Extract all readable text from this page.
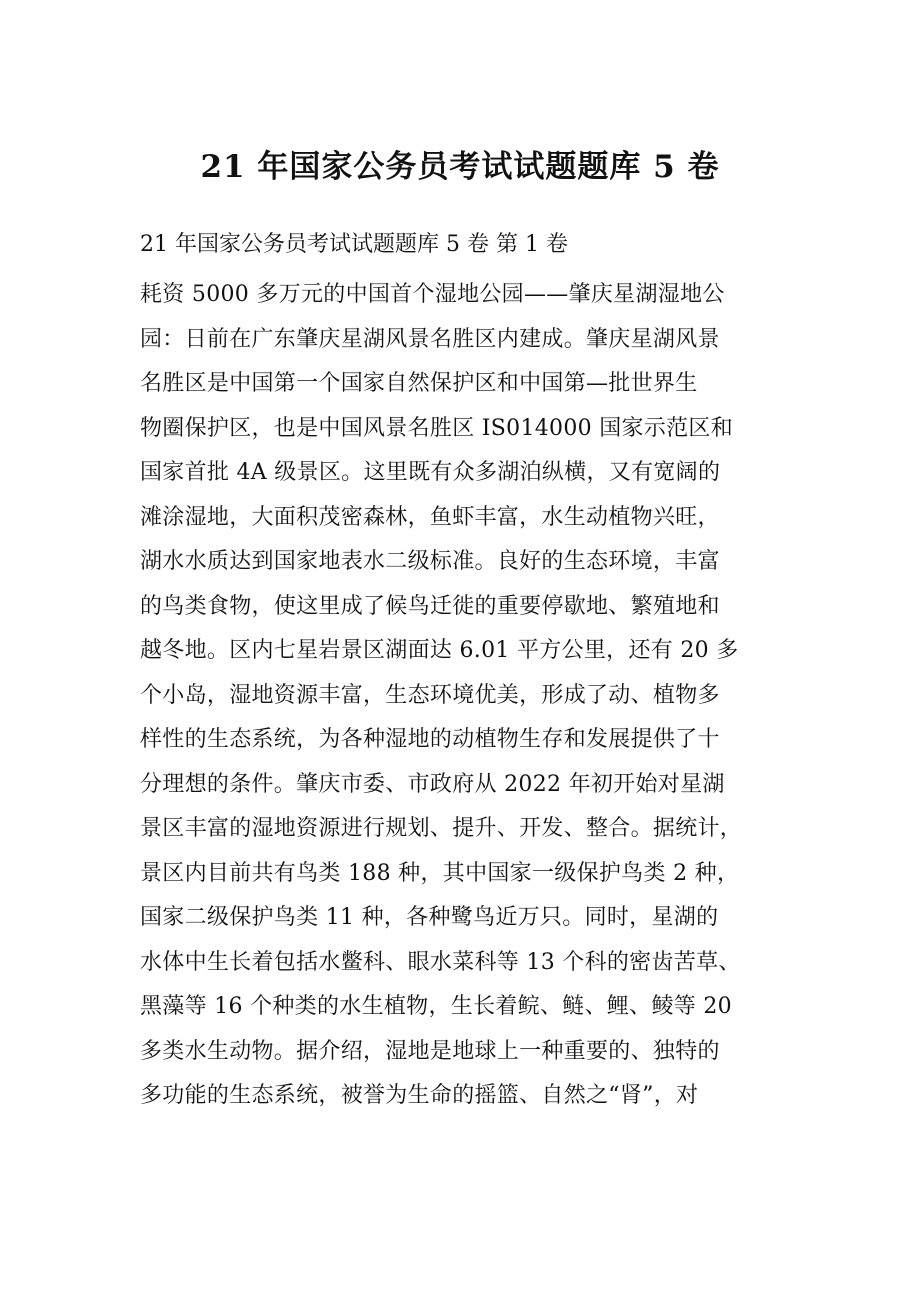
21 年国家公务员考试试题题库 5 卷

21 年国家公务员考试试题题库 5 卷 第 1 卷

耗资 5000 多万元的中国首个湿地公园——肇庆星湖湿地公
园：日前在广东肇庆星湖风景名胜区内建成。肇庆星湖风景
名胜区是中国第一个国家自然保护区和中国第—批世界生
物圈保护区，也是中国风景名胜区 IS014000 国家示范区和
国家首批 4A 级景区。这里既有众多湖泊纵横，又有宽阔的
滩涂湿地，大面积茂密森林，鱼虾丰富，水生动植物兴旺，
湖水水质达到国家地表水二级标准。良好的生态环境，丰富
的鸟类食物，使这里成了候鸟迁徙的重要停歇地、繁殖地和
越冬地。区内七星岩景区湖面达 6.01 平方公里，还有 20 多
个小岛，湿地资源丰富，生态环境优美，形成了动、植物多
样性的生态系统，为各种湿地的动植物生存和发展提供了十
分理想的条件。肇庆市委、市政府从 2022 年初开始对星湖
景区丰富的湿地资源进行规划、提升、开发、整合。据统计，
景区内目前共有鸟类 188 种，其中国家一级保护鸟类 2 种，
国家二级保护鸟类 11 种，各种鹭鸟近万只。同时，星湖的
水体中生长着包括水鳖科、眼水菜科等 13 个科的密齿苦草、
黑藻等 16 个种类的水生植物，生长着鲩、鲢、鲤、鲮等 20
多类水生动物。据介绍，湿地是地球上一种重要的、独特的
多功能的生态系统，被誉为生命的摇篮、自然之“肾”，对
